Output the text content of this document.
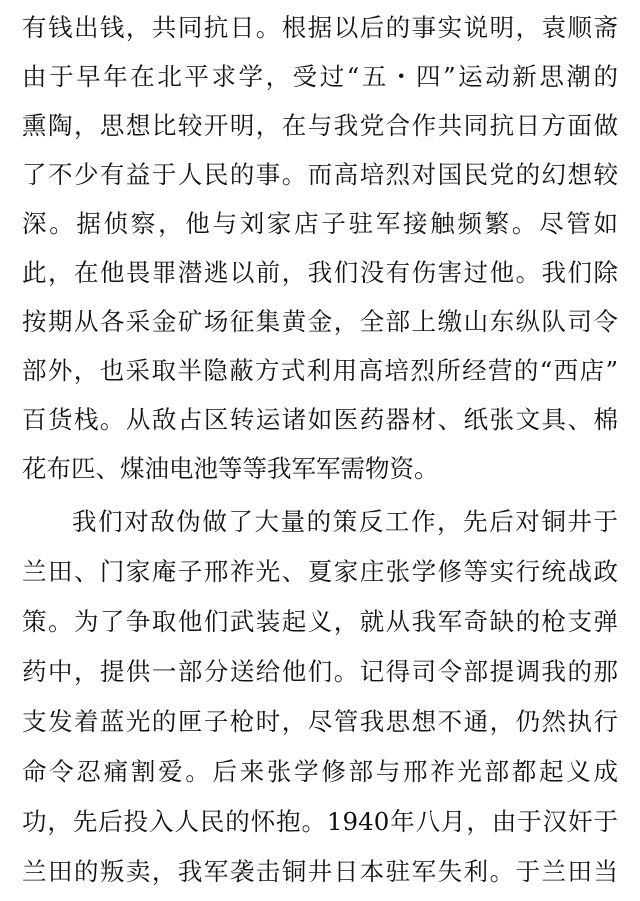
有钱出钱，共同抗日。根据以后的事实说明，袁顺斋
由于早年在北平求学，受过“五・四”运动新思潮的
熏陶，思想比较开明，在与我党合作共同抗日方面做
了不少有益于人民的事。而高培烈对国民党的幻想较
深。据侦察，他与刘家店子驻军接触频繁。尽管如
此，在他畏罪潜逃以前，我们没有伤害过他。我们除
按期从各采金矿场征集黄金，全部上缴山东纵队司令
部外，也采取半隐蔽方式利用高培烈所经营的“西店”
百货栈。从敌占区转运诸如医药器材、纸张文具、棉
花布匹、煤油电池等等我军军需物资。
我们对敌伪做了大量的策反工作，先后对铜井于
兰田、门家庵子邢祚光、夏家庄张学修等实行统战政
策。为了争取他们武装起义，就从我军奇缺的枪支弹
药中，提供一部分送给他们。记得司令部提调我的那
支发着蓝光的匣子枪时，尽管我思想不通，仍然执行
命令忍痛割爱。后来张学修部与邢祚光部都起义成
功，先后投入人民的怀抱。1940年八月，由于汉奸于
兰田的叛卖，我军袭击铜井日本驻军失利。于兰田当
